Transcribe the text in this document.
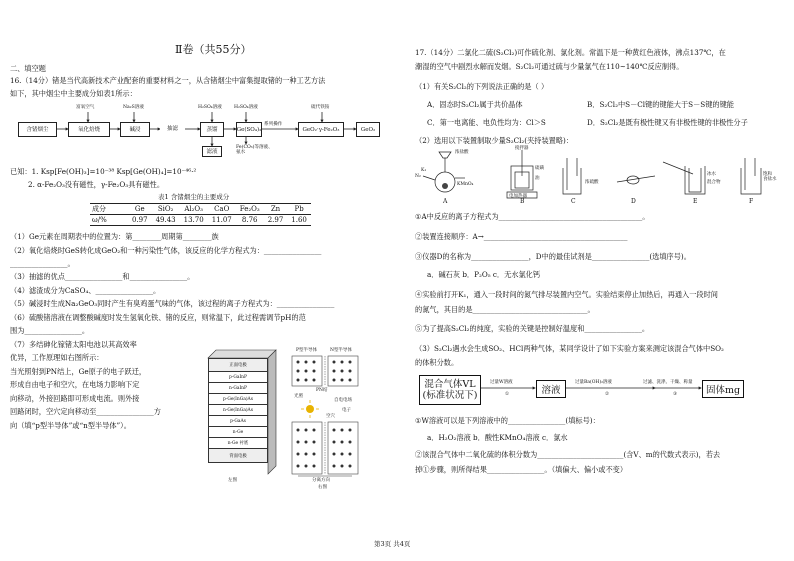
Ⅱ卷（共55分）
二、填空题
16.（14分）锗是当代高新技术产业配套的重要材料之一，从含锗烟尘中富集提取锗的一种工艺方法
如下，其中烟尘中主要成分如表1所示：
含锗烟尘	氧化焙烧	碱浸	抽滤	蒸馏	Ge(SO₄)₂	GeO₂·γ-Fe₂O₃	GeO₂
富氧空气	Na₂S溶液	H₂SO₄溶液	H₂SO₄溶液	硫代铁铵
系列操作
滤液
Fe(CO₃)等溶液、
氨水
已知：1. Ksp[Fe(OH)₃]=10⁻³⁸ Ksp[Ge(OH)₄]=10⁻⁴⁶·²
2. α-Fe₂O₃没有磁性，γ-Fe₂O₃具有磁性。
表1 含锗烟尘的主要成分
成分	Ge	SiO₂	Al₂O₃	CaO	Fe₂O₃	Zn	Pb
ω/%	0.97	49.43	13.70	11.07	8.76	2.97	1.60
（1）Ge元素在周期表中的位置为：第________周期第________族
（2）氧化焙烧时GeS转化成GeO₂和一种污染性气体，该反应的化学方程式为：________________
________________。
（3）抽滤的优点________________和________________。
（4）滤渣成分为CaSO₄、________________。
（5）碱浸时生成Na₂GeO₃同时产生有臭鸡蛋气味的气体，该过程的离子方程式为：________________
（6）硫酸锗溶液在调整酸碱度时发生氢氧化铁、锗的反应，则常温下，此过程需调节pH的范
围为________________。
（7）多结砷化镓锗太阳电池以其高效率
优异，工作原理如右图所示：
当光照射到PN结上，Ge原子的电子跃迁，
形成自由电子和空穴，在电场力影响下定
向移动，外接回路即可形成电流。则外接
回路闭时，空穴定向移动至________________方
向（填“p型半导体”或“n型半导体”）。
正面电极
p-GaInP
n-GaInP
p-Ge(InGa)As
n-Ge(InGa)As
p-GaAs
n-Ge
n-Ge 衬底
背面电极
左图
P型半导体	N型半导体
PN结
自电电场
电子
空穴
光照
分离方向
右图
17.（14分）二氯化二硫(S₂Cl₂)可作硫化剂、氯化剂。常温下是一种黄红色液体，沸点137℃，在
潮湿的空气中剧烈水解而发烟。S₂Cl₂可通过硫与少量氯气在110~140℃反应制得。
（1）有关S₂Cl₂的下列说法正确的是（ ）
A．固态时S₂Cl₂属于共价晶体	B．S₂Cl₂中S－Cl键的键能大于S－S键的键能
C．第一电离能、电负性均为：Cl＞S	D．S₂Cl₂是既有极性键又有非极性键的非极性分子
（2）选用以下装置制取少量S₂Cl₂(夹持装置略)：
K₁
N₂
浓盐酸
KMnO₄
搅拌器
硫磺
油
电加热器
浓硫酸
冰水
混合物
饱和
食盐水
A	B	C	D	E	F
①A中反应的离子方程式为________________________________________。
②装置连接顺序：A→________________________________________
③仪器D的名称为________________，D中的最佳试剂是________________(选填序号)。
a．碱石灰 b．P₂O₅ c．无水氯化钙
④实验前打开K₁，通入一段时间的氮气排尽装置内空气。实验结束停止加热后，再通入一段时间
的氮气，其目的是________________________________。
⑤为了提高S₂Cl₂的纯度，实验的关键是控制好温度和________________。
（3）S₂Cl₂遇水会生成SO₂、HCl两种气体，某同学设计了如下实验方案来测定该混合气体中SO₂
的体积分数。
混合气体VL
(标准状况下)	溶液	固体mg
过量W溶液	过量Ba(OH)₂溶液	过滤、洗涤、干燥、称量
①	②	③
①W溶液可以是下列溶液中的________________(填标号)：
a．H₂O₂溶液 b．酸性KMnO₄溶液 c．氯水
②该混合气体中二氧化硫的体积分数为________________________(含V、m的代数式表示)，若去
掉①步骤，则所得结果________________。（填偏大、偏小或不变）
第3页 共4页
